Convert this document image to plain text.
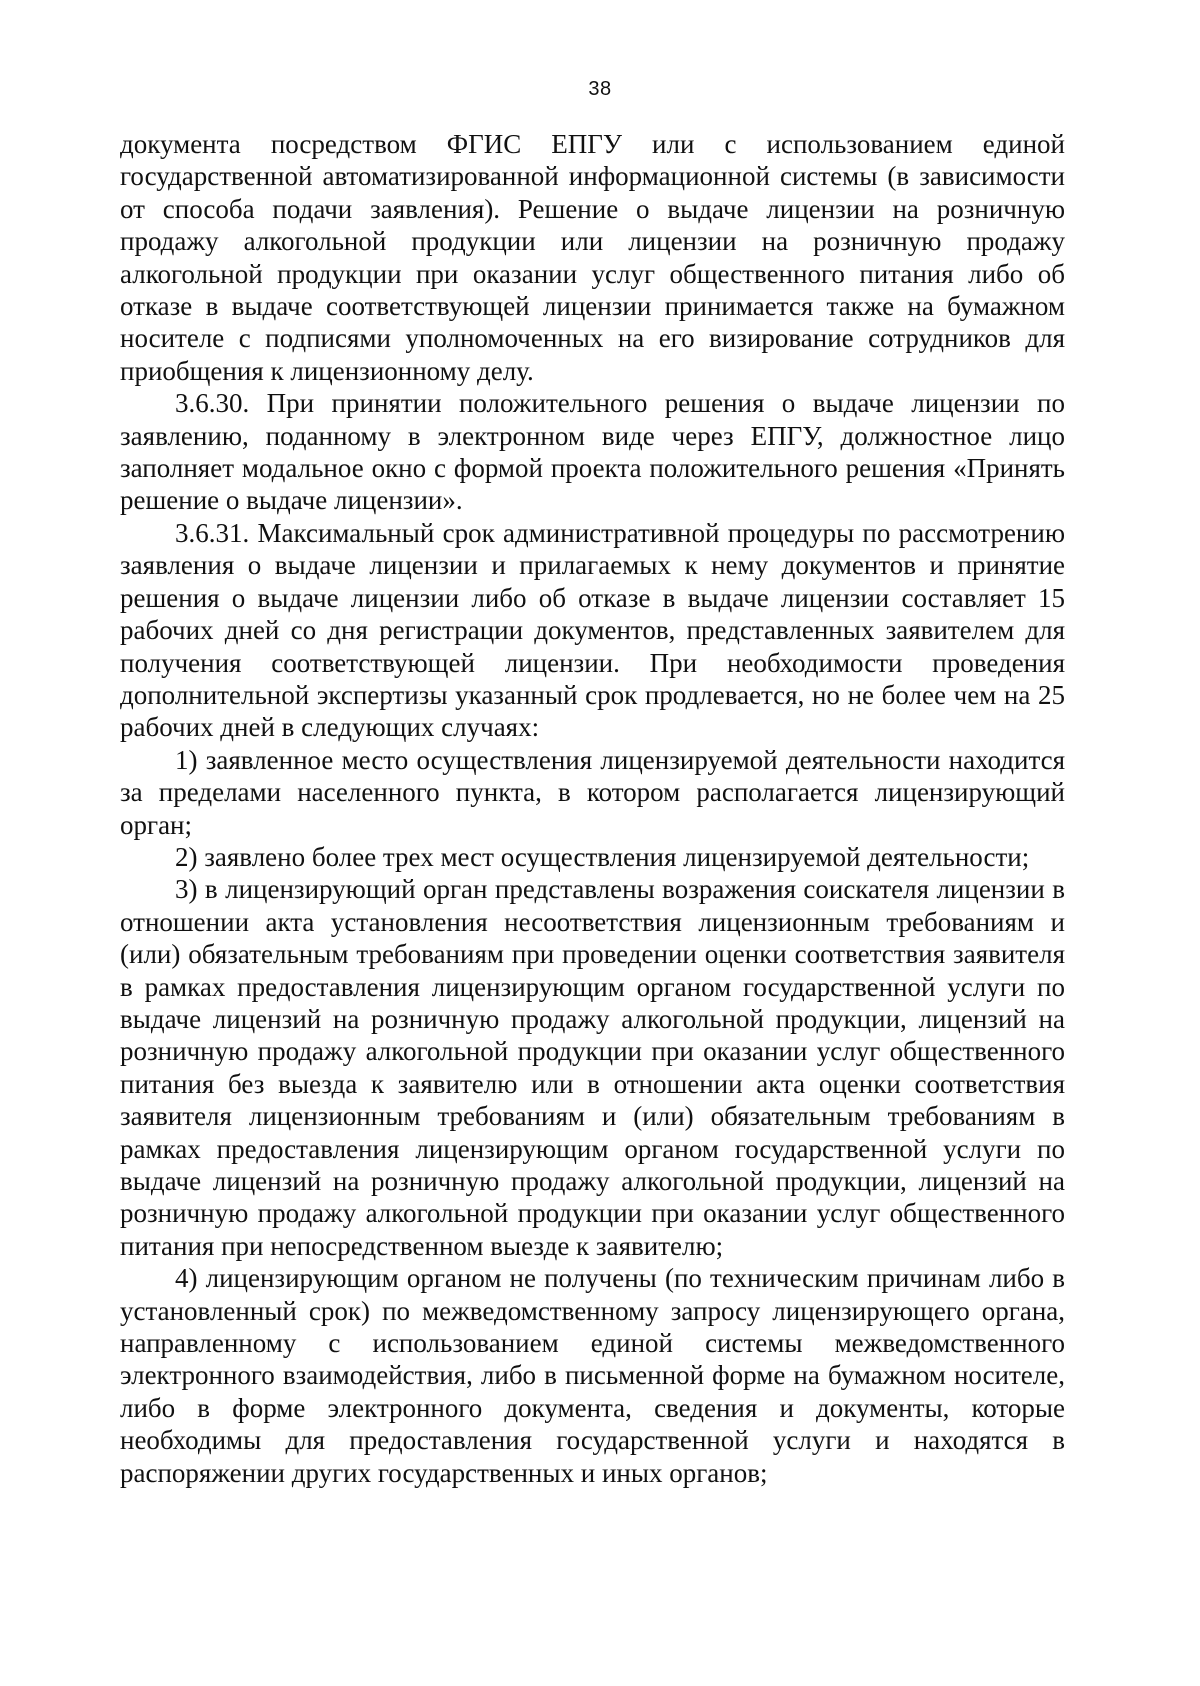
38

документа посредством ФГИС ЕПГУ или с использованием единой государственной автоматизированной информационной системы (в зависимости от способа подачи заявления). Решение о выдаче лицензии на розничную продажу алкогольной продукции или лицензии на розничную продажу алкогольной продукции при оказании услуг общественного питания либо об отказе в выдаче соответствующей лицензии принимается также на бумажном носителе с подписями уполномоченных на его визирование сотрудников для приобщения к лицензионному делу.

3.6.30. При принятии положительного решения о выдаче лицензии по заявлению, поданному в электронном виде через ЕПГУ, должностное лицо заполняет модальное окно с формой проекта положительного решения «Принять решение о выдаче лицензии».

3.6.31. Максимальный срок административной процедуры по рассмотрению заявления о выдаче лицензии и прилагаемых к нему документов и принятие решения о выдаче лицензии либо об отказе в выдаче лицензии составляет 15 рабочих дней со дня регистрации документов, представленных заявителем для получения соответствующей лицензии. При необходимости проведения дополнительной экспертизы указанный срок продлевается, но не более чем на 25 рабочих дней в следующих случаях:

1) заявленное место осуществления лицензируемой деятельности находится за пределами населенного пункта, в котором располагается лицензирующий орган;

2) заявлено более трех мест осуществления лицензируемой деятельности;

3) в лицензирующий орган представлены возражения соискателя лицензии в отношении акта установления несоответствия лицензионным требованиям и (или) обязательным требованиям при проведении оценки соответствия заявителя в рамках предоставления лицензирующим органом государственной услуги по выдаче лицензий на розничную продажу алкогольной продукции, лицензий на розничную продажу алкогольной продукции при оказании услуг общественного питания без выезда к заявителю или в отношении акта оценки соответствия заявителя лицензионным требованиям и (или) обязательным требованиям в рамках предоставления лицензирующим органом государственной услуги по выдаче лицензий на розничную продажу алкогольной продукции, лицензий на розничную продажу алкогольной продукции при оказании услуг общественного питания при непосредственном выезде к заявителю;

4) лицензирующим органом не получены (по техническим причинам либо в установленный срок) по межведомственному запросу лицензирующего органа, направленному с использованием единой системы межведомственного электронного взаимодействия, либо в письменной форме на бумажном носителе, либо в форме электронного документа, сведения и документы, которые необходимы для предоставления государственной услуги и находятся в распоряжении других государственных и иных органов;
